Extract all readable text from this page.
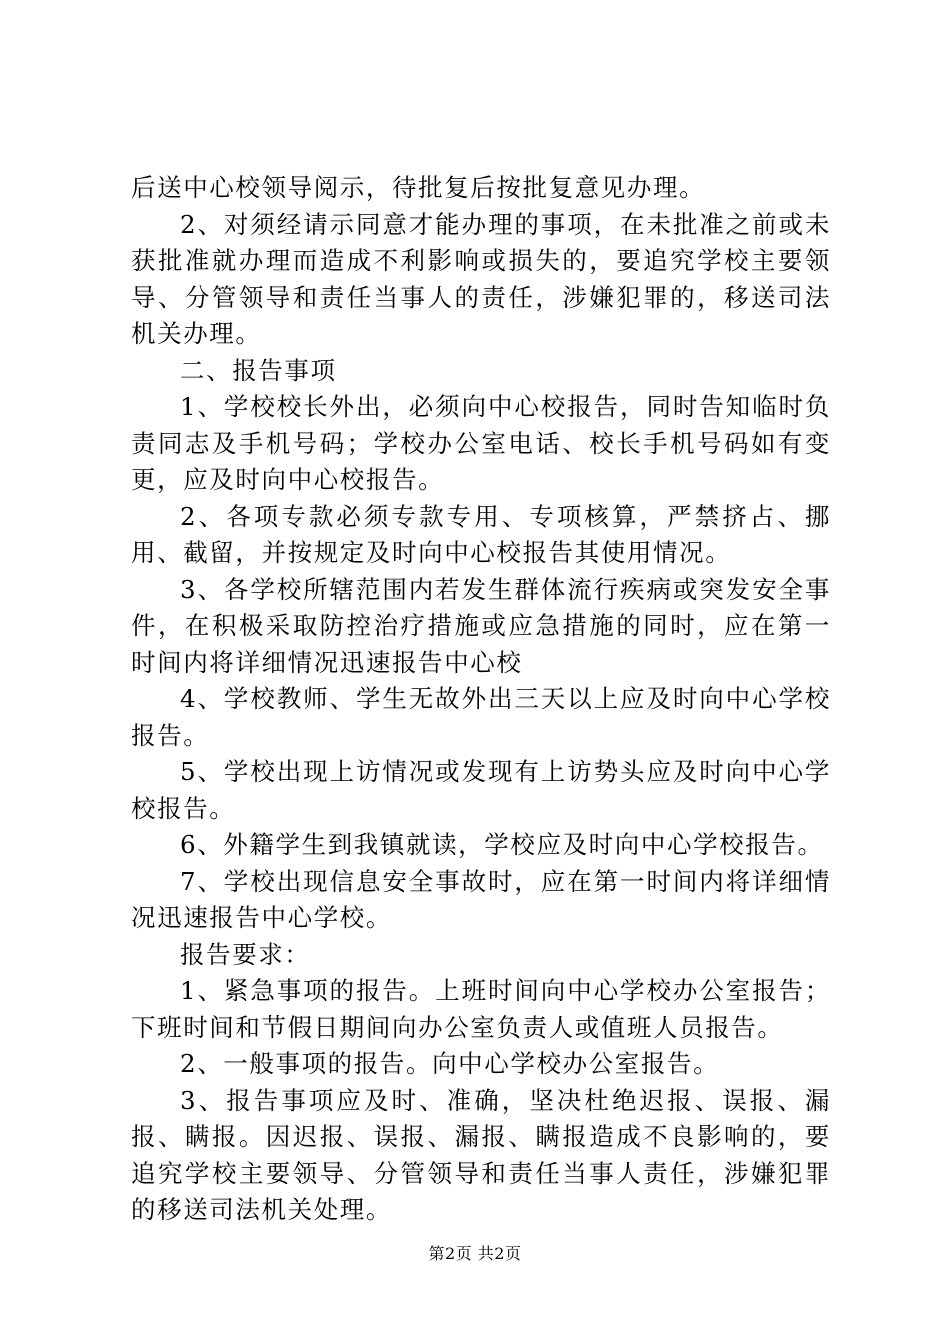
后送中心校领导阅示，待批复后按批复意见办理。

2、对须经请示同意才能办理的事项，在未批准之前或未获批准就办理而造成不利影响或损失的，要追究学校主要领导、分管领导和责任当事人的责任，涉嫌犯罪的，移送司法机关办理。

二、报告事项

1、学校校长外出，必须向中心校报告，同时告知临时负责同志及手机号码；学校办公室电话、校长手机号码如有变更，应及时向中心校报告。

2、各项专款必须专款专用、专项核算，严禁挤占、挪用、截留，并按规定及时向中心校报告其使用情况。

3、各学校所辖范围内若发生群体流行疾病或突发安全事件，在积极采取防控治疗措施或应急措施的同时，应在第一时间内将详细情况迅速报告中心校

4、学校教师、学生无故外出三天以上应及时向中心学校报告。

5、学校出现上访情况或发现有上访势头应及时向中心学校报告。

6、外籍学生到我镇就读，学校应及时向中心学校报告。

7、学校出现信息安全事故时，应在第一时间内将详细情况迅速报告中心学校。

报告要求：

1、紧急事项的报告。上班时间向中心学校办公室报告；下班时间和节假日期间向办公室负责人或值班人员报告。

2、一般事项的报告。向中心学校办公室报告。

3、报告事项应及时、准确，坚决杜绝迟报、误报、漏报、瞒报。因迟报、误报、漏报、瞒报造成不良影响的，要追究学校主要领导、分管领导和责任当事人责任，涉嫌犯罪的移送司法机关处理。

第2页 共2页
